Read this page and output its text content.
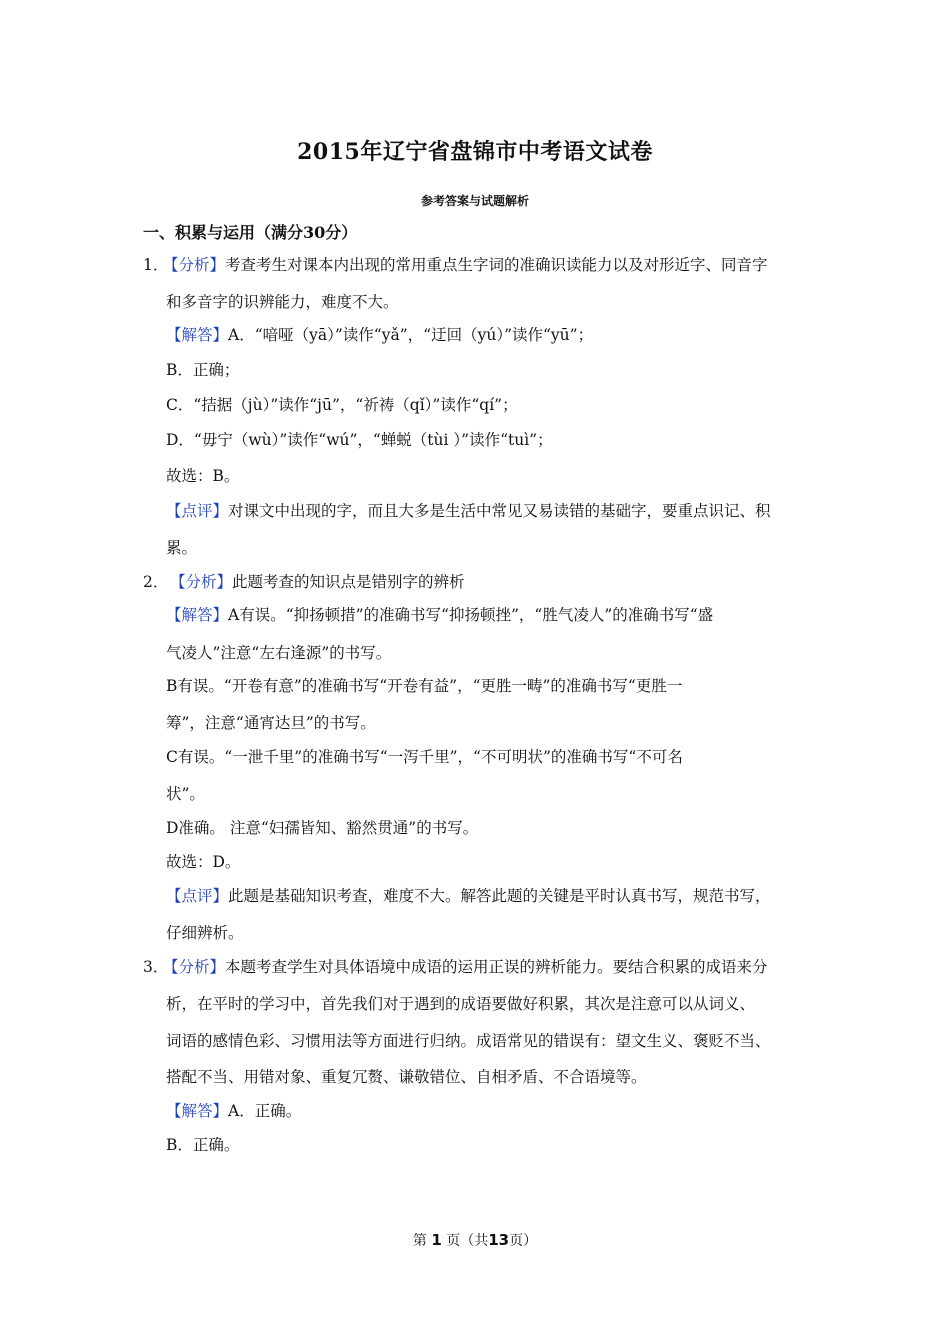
2015年辽宁省盘锦市中考语文试卷
参考答案与试题解析
一、积累与运用（满分30分）
1．
【分析】考查考生对课本内出现的常用重点生字词的准确识读能力以及对形近字、同音字
和多音字的识辨能力，难度不大。
【解答】A．“喑哑（yā）”读作“yǎ”，“迂回（yú）”读作“yū”；
B．正确；
C．“拮据（jù）”读作“jū”，“祈祷（qǐ）”读作“qí”；
D．“毋宁（wù）”读作“wú”，“蝉蜕（tùi ）”读作“tuì”；
故选：B。
【点评】对课文中出现的字，而且大多是生活中常见又易读错的基础字，要重点识记、积
累。
2． 【分析】此题考查的知识点是错别字的辨析
【解答】A有误。“抑扬顿措”的准确书写“抑扬顿挫”，“胜气凌人”的准确书写“盛
气凌人”注意“左右逢源”的书写。
B有误。“开卷有意”的准确书写“开卷有益”，“更胜一畴”的准确书写“更胜一
筹”，注意“通宵达旦”的书写。
C有误。“一泄千里”的准确书写“一泻千里”，“不可明状”的准确书写“不可名
状”。
D准确。 注意“妇孺皆知、豁然贯通”的书写。
故选：D。
【点评】此题是基础知识考查，难度不大。解答此题的关键是平时认真书写，规范书写，
仔细辨析。
3．
【分析】本题考查学生对具体语境中成语的运用正误的辨析能力。要结合积累的成语来分
析，在平时的学习中，首先我们对于遇到的成语要做好积累，其次是注意可以从词义、
词语的感情色彩、习惯用法等方面进行归纳。成语常见的错误有：望文生义、褒贬不当、
搭配不当、用错对象、重复冗赘、谦敬错位、自相矛盾、不合语境等。
【解答】A．正确。
B．正确。
第 1 页（共13页）
